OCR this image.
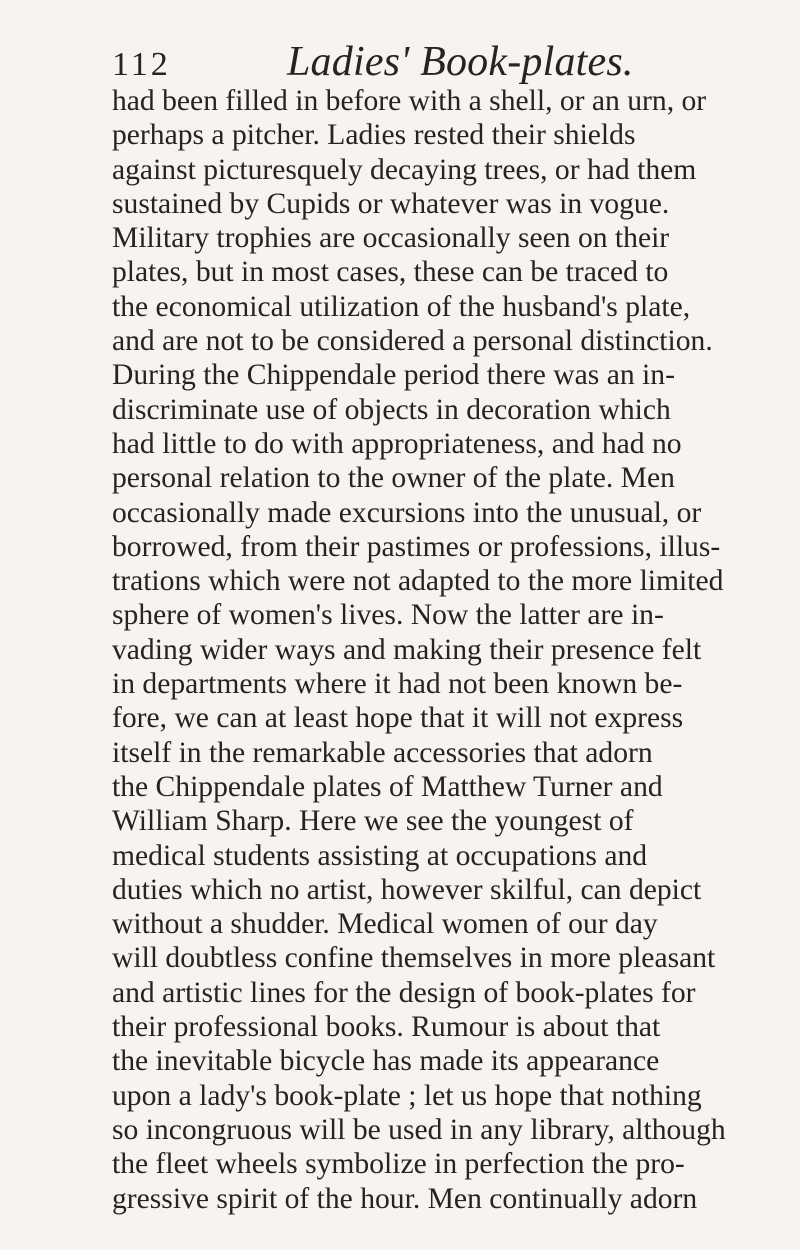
112	Ladies' Book-plates.
had been filled in before with a shell, or an urn, or
perhaps a pitcher. Ladies rested their shields
against picturesquely decaying trees, or had them
sustained by Cupids or whatever was in vogue.
Military trophies are occasionally seen on their
plates, but in most cases, these can be traced to
the economical utilization of the husband's plate,
and are not to be considered a personal distinction.
During the Chippendale period there was an in-
discriminate use of objects in decoration which
had little to do with appropriateness, and had no
personal relation to the owner of the plate. Men
occasionally made excursions into the unusual, or
borrowed, from their pastimes or professions, illus-
trations which were not adapted to the more limited
sphere of women's lives. Now the latter are in-
vading wider ways and making their presence felt
in departments where it had not been known be-
fore, we can at least hope that it will not express
itself in the remarkable accessories that adorn
the Chippendale plates of Matthew Turner and
William Sharp. Here we see the youngest of
medical students assisting at occupations and
duties which no artist, however skilful, can depict
without a shudder. Medical women of our day
will doubtless confine themselves in more pleasant
and artistic lines for the design of book-plates for
their professional books. Rumour is about that
the inevitable bicycle has made its appearance
upon a lady's book-plate ; let us hope that nothing
so incongruous will be used in any library, although
the fleet wheels symbolize in perfection the pro-
gressive spirit of the hour. Men continually adorn
